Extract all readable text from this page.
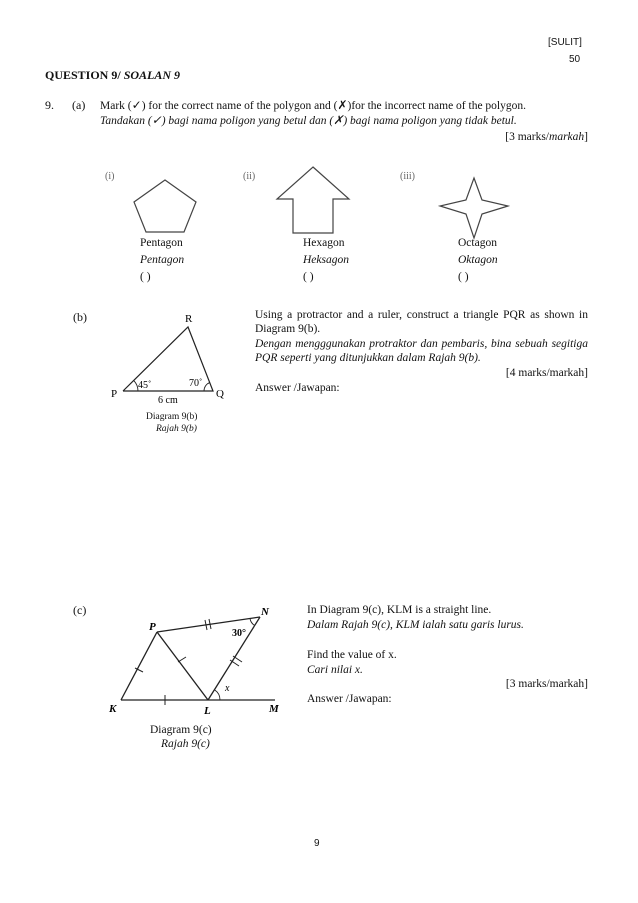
[SULIT]
50
QUESTION 9/ SOALAN 9
9. (a) Mark (✓) for the correct name of the polygon and (✗)for the incorrect name of the polygon.
Tandakan (✓) bagi nama poligon yang betul dan (✗) bagi nama poligon yang tidak betul.
[3 marks/markah]
(i)	(ii)	(iii)
Pentagon
Pentagon
( )
Hexagon
Heksagon
( )
Octagon
Oktagon
( )
(b)	R
P	Q
45˚	70˚
6 cm
Diagram 9(b)
Rajah 9(b)
Using a protractor and a ruler, construct a triangle PQR as shown in Diagram 9(b).
Dengan mengggunakan protraktor dan pembaris, bina sebuah segitiga PQR seperti yang ditunjukkan dalam Rajah 9(b).
[4 marks/markah]
Answer /Jawapan:
(c)
P
N
K	L	M
30°
x
Diagram 9(c)
Rajah 9(c)
In Diagram 9(c), KLM is a straight line.
Dalam Rajah 9(c), KLM ialah satu garis lurus.
Find the value of x.
Cari nilai x.
[3 marks/markah]
Answer /Jawapan:
9
